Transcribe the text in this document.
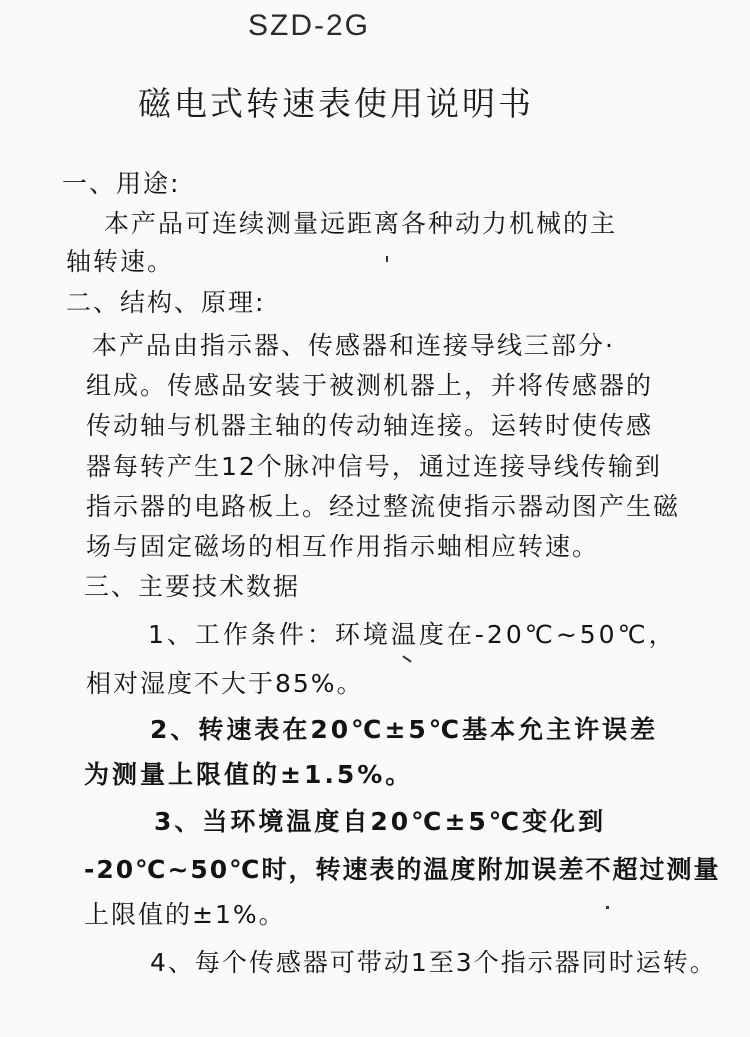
SZD-2G
磁电式转速表使用说明书
一、用途:
本产品可连续测量远距离各种动力机械的主
轴转速。
二、结构、原理:
本产品由指示器、传感器和连接导线三部分·
组成。传感品安装于被测机器上，并将传感器的
传动轴与机器主轴的传动轴连接。运转时使传感
器每转产生12个脉冲信号，通过连接导线传输到
指示器的电路板上。经过整流使指示器动图产生磁
场与固定磁场的相互作用指示蚰相应转速。
三、主要技术数据
1、工作条件：环境温度在-20℃~50℃，
相对湿度不大于85%。
2、转速表在20℃±5℃基本允主许误差
为测量上限值的±1.5%。
3、当环境温度自20℃±5℃变化到
-20℃~50℃时，转速表的温度附加误差不超过测量
上限值的±1%。
4、每个传感器可带动1至3个指示器同时运转。
